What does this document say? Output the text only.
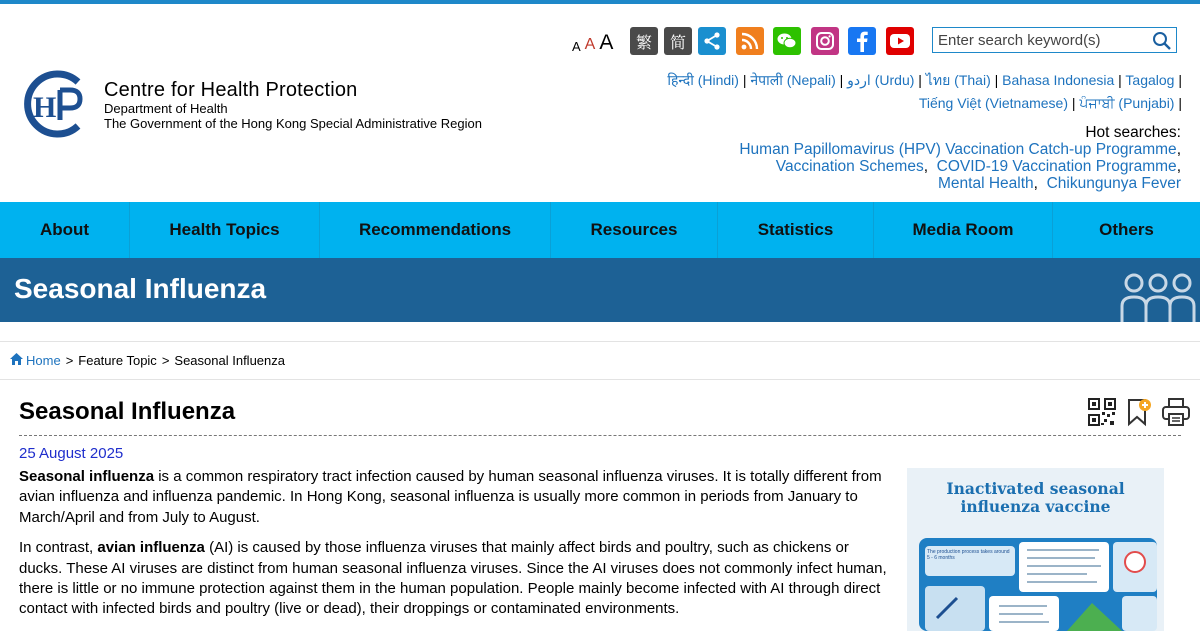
H
Centre for Health Protection
Department of Health
The Government of the Hong Kong Special Administrative Region
A A A 繁 简
Enter search keyword(s)
हिन्दी (Hindi) | नेपाली (Nepali) | اردو (Urdu) | ไทย (Thai) | Bahasa Indonesia | Tagalog |
Tiếng Việt (Vietnamese) | ਪੰਜਾਬੀ (Punjabi) |
Hot searches:
Human Papillomavirus (HPV) Vaccination Catch-up Programme,
Vaccination Schemes,  COVID-19 Vaccination Programme,
Mental Health,  Chikungunya Fever
About	Health Topics	Recommendations	Resources	Statistics	Media Room	Others
Seasonal Influenza
Home > Feature Topic > Seasonal Influenza
Seasonal Influenza
25 August 2025

Seasonal influenza is a common respiratory tract infection caused by human seasonal influenza viruses. It is totally different from avian influenza and influenza pandemic. In Hong Kong, seasonal influenza is usually more common in periods from January to March/April and from July to August.

In contrast, avian influenza (AI) is caused by those influenza viruses that mainly affect birds and poultry, such as chickens or ducks. These AI viruses are distinct from human seasonal influenza viruses. Since the AI viruses does not commonly infect human, there is little or no immune protection against them in the human population. People mainly become infected with AI through direct contact with infected birds and poultry (live or dead), their droppings or contaminated environments.

Inactivated seasonal
influenza vaccine
The production process takes around 5 - 6 months
